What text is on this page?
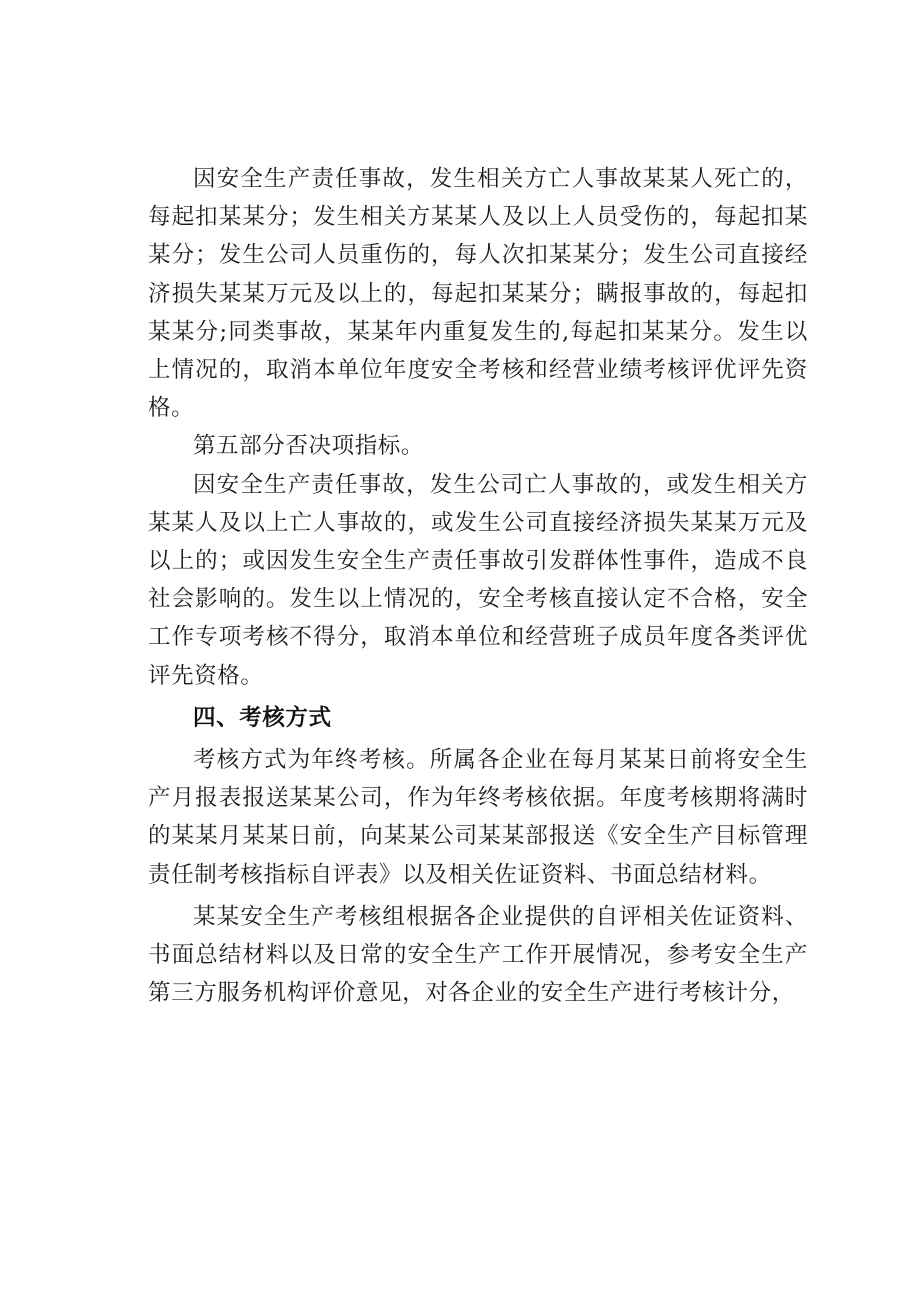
因安全生产责任事故，发生相关方亡人事故某某人死亡的，每起扣某某分；发生相关方某某人及以上人员受伤的，每起扣某某分；发生公司人员重伤的，每人次扣某某分；发生公司直接经济损失某某万元及以上的，每起扣某某分；瞒报事故的，每起扣某某分;同类事故，某某年内重复发生的,每起扣某某分。发生以上情况的，取消本单位年度安全考核和经营业绩考核评优评先资格。

第五部分否决项指标。

因安全生产责任事故，发生公司亡人事故的，或发生相关方某某人及以上亡人事故的，或发生公司直接经济损失某某万元及以上的；或因发生安全生产责任事故引发群体性事件，造成不良社会影响的。发生以上情况的，安全考核直接认定不合格，安全工作专项考核不得分，取消本单位和经营班子成员年度各类评优评先资格。

四、考核方式

考核方式为年终考核。所属各企业在每月某某日前将安全生产月报表报送某某公司，作为年终考核依据。年度考核期将满时的某某月某某日前，向某某公司某某部报送《安全生产目标管理责任制考核指标自评表》以及相关佐证资料、书面总结材料。

某某安全生产考核组根据各企业提供的自评相关佐证资料、书面总结材料以及日常的安全生产工作开展情况，参考安全生产第三方服务机构评价意见，对各企业的安全生产进行考核计分，
